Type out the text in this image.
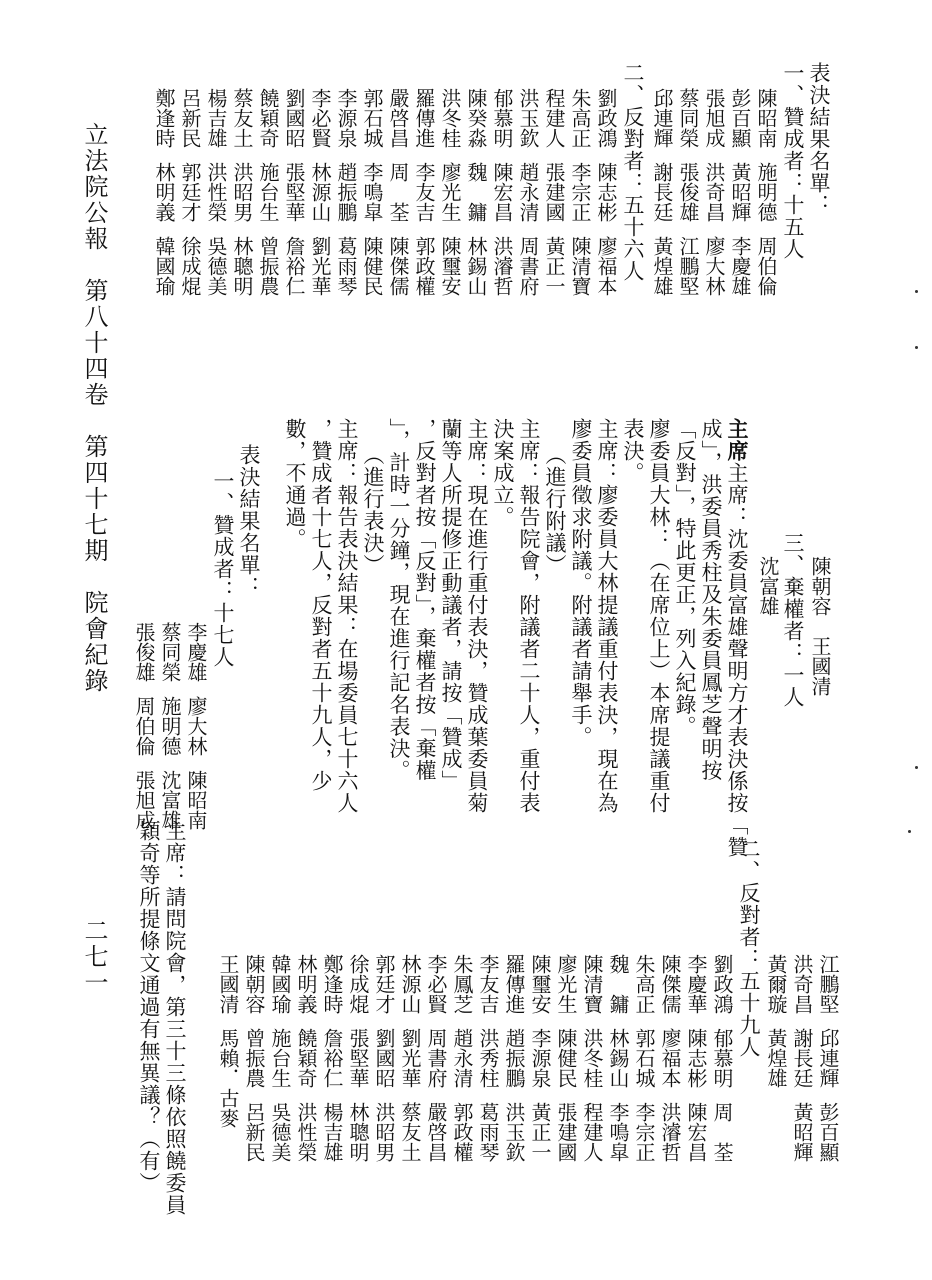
立法院公報　第八十四卷　第四十七期　院會紀錄
二七一
表決結果名單：
一、贊成者：十五人
陳昭南
施明德
周伯倫
彭百顯
黃昭輝
李慶雄
張旭成
洪奇昌
廖大林
蔡同榮
張俊雄
江鵬堅
邱連輝
謝長廷
黃煌雄
二、反對者：五十六人
劉政鴻
陳志彬
廖福本
朱高正
李宗正
陳清寶
程建人
張建國
黃正一
洪玉欽
趙永清
周書府
郁慕明
陳宏昌
洪濬哲
陳癸淼
魏　鏞
林錫山
洪冬桂
廖光生
陳璽安
羅傳進
李友吉
郭政權
嚴啓昌
周　荃
陳傑儒
郭石城
李鳴皐
陳健民
李源泉
趙振鵬
葛雨琴
李必賢
林源山
劉光華
劉國昭
張堅華
詹裕仁
饒穎奇
施台生
曾振農
蔡友土
洪昭男
林聰明
楊吉雄
洪性榮
吳德美
呂新民
郭廷才
徐成焜
鄭逢時
林明義
韓國瑜
陳朝容　王國清
三、棄權者：一人
沈富雄
主席主席：沈委員富雄聲明方才表決係按「贊
成」，洪委員秀柱及朱委員鳳芝聲明按
「反對」，特此更正，列入紀錄。
廖委員大林：（在席位上）本席提議重付
表決。
主席：廖委員大林提議重付表決，現在為
廖委員徵求附議。附議者請舉手。
（進行附議）
主席：報告院會，附議者二十人，重付表
決案成立。
主席：現在進行重付表決，贊成葉委員菊
蘭等人所提修正動議者，請按「贊成」
，反對者按「反對」，棄權者按「棄權
」，計時一分鐘，現在進行記名表決。
（進行表決）
主席：報告表決結果：在場委員七十六人
，贊成者十七人，反對者五十九人，少
數，不通過。
表決結果名單：
一、贊成者：十七人
李慶雄
廖大林
陳昭南
蔡同榮
施明德
沈富雄
張俊雄
周伯倫
張旭成
江鵬堅
邱連輝
彭百顯
洪奇昌
謝長廷
黃昭輝
黃爾璇
黃煌雄
二、反對者：五十九人
劉政鴻
郁慕明
周　荃
李慶華
陳志彬
陳宏昌
陳傑儒
廖福本
洪濬哲
朱高正
郭石城
李宗正
魏　鏞
林錫山
李鳴皐
陳清寶
洪冬桂
程建人
廖光生
陳健民
張建國
陳璽安
李源泉
黃正一
羅傳進
趙振鵬
洪玉欽
李友吉
洪秀柱
葛雨琴
朱鳳芝
趙永清
郭政權
李必賢
周書府
嚴啓昌
林源山
劉光華
蔡友土
郭廷才
劉國昭
洪昭男
徐成焜
張堅華
林聰明
鄭逢時
詹裕仁
楊吉雄
林明義
饒穎奇
洪性榮
韓國瑜
施台生
吳德美
陳朝容
曾振農
呂新民
王國清
馬賴．古麥
主席：請問院會，第三十三條依照饒委員
穎奇等所提條文通過有無異議？（有）
